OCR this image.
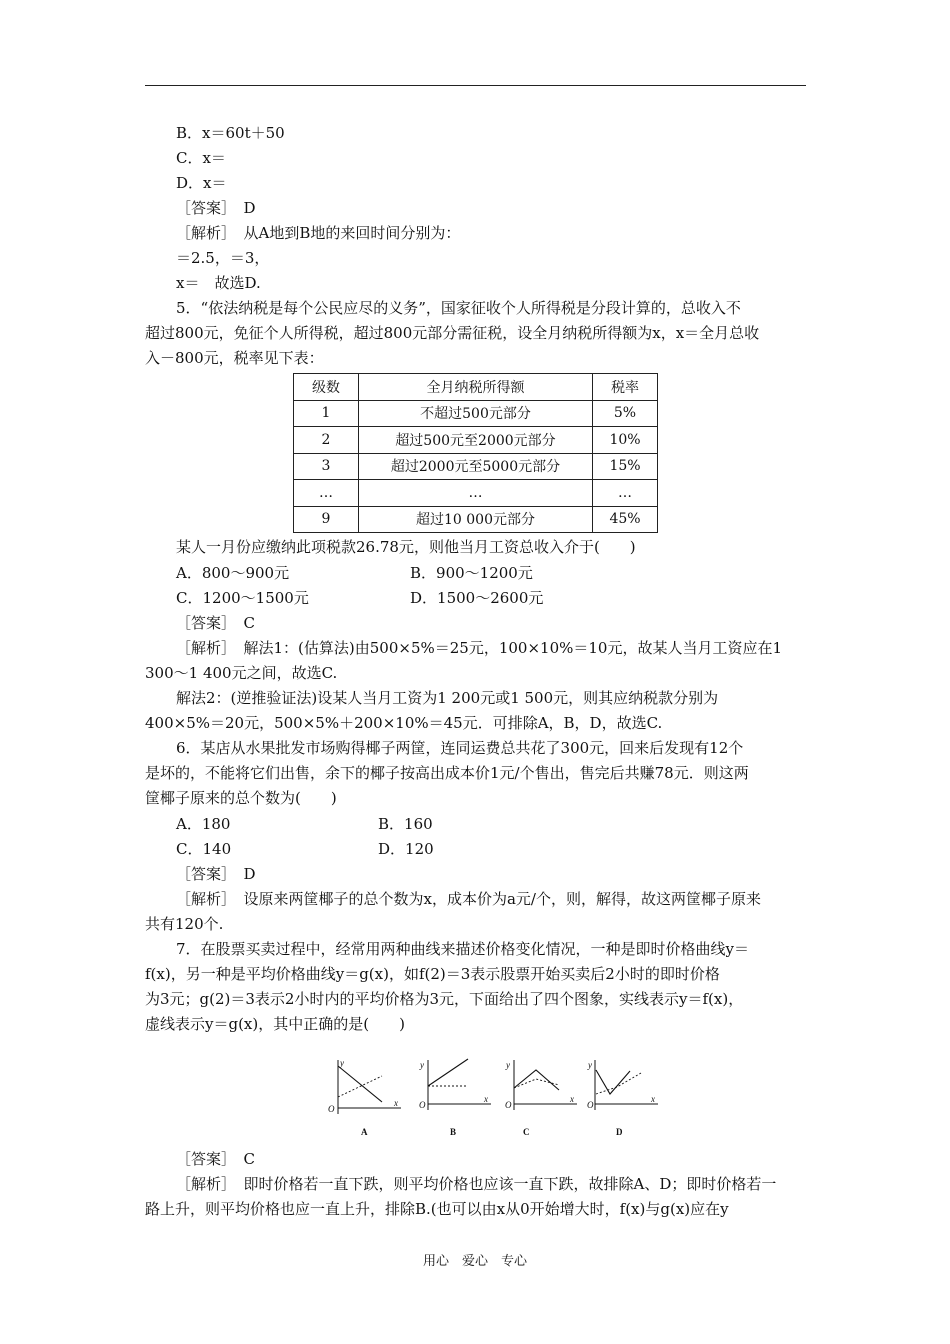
B．x＝60t＋50
C．x＝
D．x＝
［答案］　D
［解析］　从A地到B地的来回时间分别为：
＝2.5，＝3，
x＝　故选D.
5．“依法纳税是每个公民应尽的义务”，国家征收个人所得税是分段计算的，总收入不
超过800元，免征个人所得税，超过800元部分需征税，设全月纳税所得额为x，x＝全月总收
入－800元，税率见下表：
级数	全月纳税所得额	税率
1	不超过500元部分	5%
2	超过500元至2000元部分	10%
3	超过2000元至5000元部分	15%
…	…	…
9	超过10 000元部分	45%
某人一月份应缴纳此项税款26.78元，则他当月工资总收入介于(　　)
A．800～900元	B．900～1200元
C．1200～1500元	D．1500～2600元
［答案］　C
［解析］　解法1：(估算法)由500×5%＝25元，100×10%＝10元，故某人当月工资应在1
300～1 400元之间，故选C.
解法2：(逆推验证法)设某人当月工资为1 200元或1 500元，则其应纳税款分别为
400×5%＝20元，500×5%＋200×10%＝45元．可排除A，B，D，故选C.
6．某店从水果批发市场购得椰子两筐，连同运费总共花了300元，回来后发现有12个
是坏的，不能将它们出售，余下的椰子按高出成本价1元/个售出，售完后共赚78元．则这两
筐椰子原来的总个数为(　　)
A．180	B．160
C．140	D．120
［答案］　D
［解析］　设原来两筐椰子的总个数为x，成本价为a元/个，则，解得，故这两筐椰子原来
共有120个.
7．在股票买卖过程中，经常用两种曲线来描述价格变化情况，一种是即时价格曲线y＝
f(x)，另一种是平均价格曲线y＝g(x)，如f(2)＝3表示股票开始买卖后2小时的即时价格
为3元；g(2)＝3表示2小时内的平均价格为3元，下面给出了四个图象，实线表示y＝f(x)，
虚线表示y＝g(x)，其中正确的是(　　)
y
x
O
A
y
x
O
B
y
x
O
C
y
x
O
D
［答案］　C
［解析］　即时价格若一直下跌，则平均价格也应该一直下跌，故排除A、D；即时价格若一
路上升，则平均价格也应一直上升，排除B.(也可以由x从0开始增大时，f(x)与g(x)应在y
用心　爱心　专心
